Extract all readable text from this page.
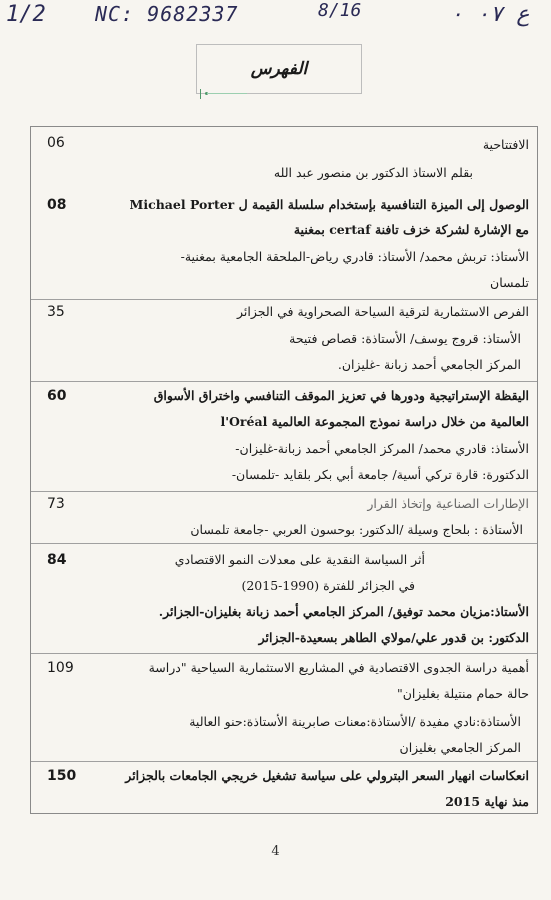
1/2 NC: 9682337	8/16	ع ٠٧ ٠
الفهرس
06	الافتتاحية
بقلم الاستاذ الدكتور بن منصور عبد الله
08	الوصول إلى الميزة التنافسية بإستخدام سلسلة القيمة ل Michael Porter
مع الإشارة لشركة خزف تافنة certaf بمغنية
الأستاذ: تربش محمد/ الأستاذ: قادري رياض-الملحقة الجامعية بمغنية-
تلمسان
35	الفرص الاستثمارية لترقية السياحة الصحراوية في الجزائر
الأستاذ: قروج يوسف/ الأستاذة: قصاص فتيحة
المركز الجامعي أحمد زبانة -غليزان.
60	اليقظة الإستراتيجية ودورها في تعزيز الموقف التنافسي واختراق الأسواق
العالمية من خلال دراسة نموذج المجموعة العالمية l'Oréal
الأستاذ: قادري محمد/ المركز الجامعي أحمد زبانة-غليزان-
الدكتورة: قارة تركي أسية/ جامعة أبي بكر بلقايد -تلمسان-
73	الإطارات الصناعية وإتخاذ القرار
الأستاذة : بلحاج وسيلة /الدكتور: بوحسون العربي -جامعة تلمسان
84	أثر السياسة النقدية على معدلات النمو الاقتصادي
في الجزائر للفترة (1990-2015)
الأستاذ:مزيان محمد توفيق/ المركز الجامعي أحمد زبانة بغليزان-الجزائر.
الدكتور: بن قدور علي/مولاي الطاهر بسعيدة-الجزائر
109	أهمية دراسة الجدوى الاقتصادية في المشاريع الاستثمارية السياحية "دراسة
حالة حمام منتيلة بغليزان"
الأستاذة:نادي مفيدة /الأستاذة:معنات صابرينة الأستاذة:حنو العالية
المركز الجامعي بغليزان
150	انعكاسات انهيار السعر البترولي على سياسة تشغيل خريجي الجامعات بالجزائر
منذ نهاية 2015
4
